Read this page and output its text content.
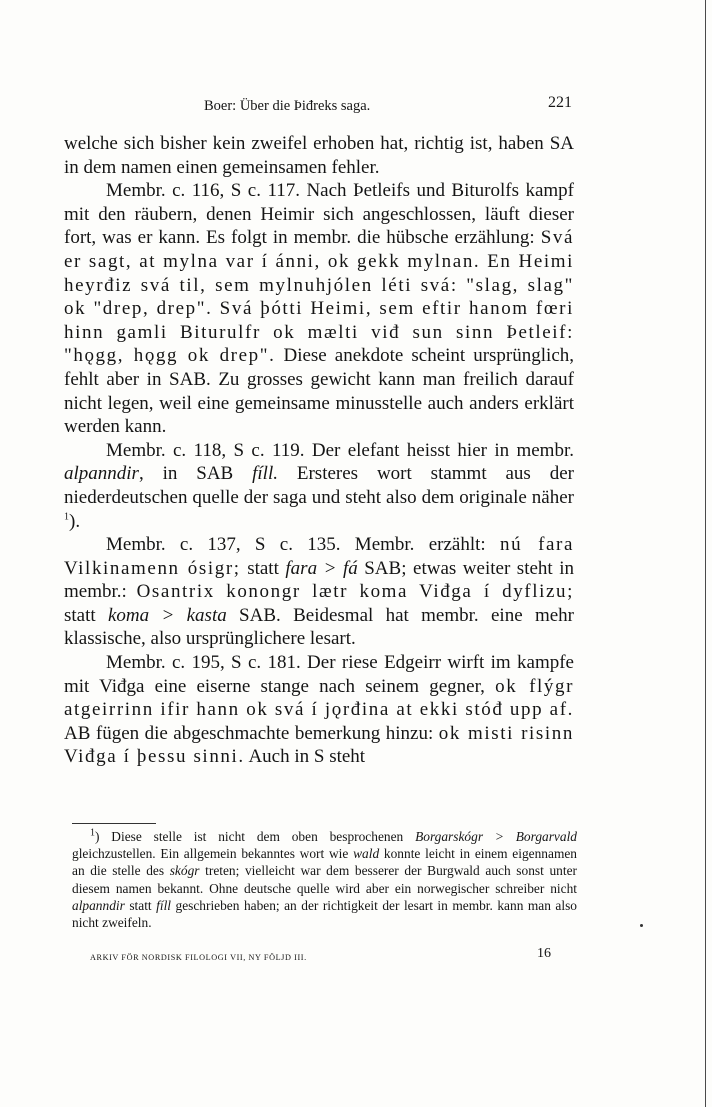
Boer: Über die Þiđreks saga.	221

welche sich bisher kein zweifel erhoben hat, richtig ist, haben SA in dem namen einen gemeinsamen fehler.

Membr. c. 116, S c. 117. Nach Þetleifs und Biturolfs kampf mit den räubern, denen Heimir sich angeschlossen, läuft dieser fort, was er kann. Es folgt in membr. die hübsche erzählung: Svá er sagt, at mylna var í ánni, ok gekk mylnan. En Heimi heyrđiz svá til, sem mylnuhjólen léti svá: "slag, slag" ok "drep, drep". Svá þótti Heimi, sem eftir hanom fœri hinn gamli Biturulfr ok mælti viđ sun sinn Þetleif: "hǫgg, hǫgg ok drep". Diese anekdote scheint ursprünglich, fehlt aber in SAB. Zu grosses gewicht kann man freilich darauf nicht legen, weil eine gemeinsame minusstelle auch anders erklärt werden kann.

Membr. c. 118, S c. 119. Der elefant heisst hier in membr. alpanndir, in SAB fíll. Ersteres wort stammt aus der niederdeutschen quelle der saga und steht also dem originale näher $^1$).

Membr. c. 137, S c. 135. Membr. erzählt: nú fara Vilkinamenn ósigr; statt fara > fá SAB; etwas weiter steht in membr.: Osantrix konongr lætr koma Viđga í dyflizu; statt koma > kasta SAB. Beidesmal hat membr. eine mehr klassische, also ursprünglichere lesart.

Membr. c. 195, S c. 181. Der riese Edgeirr wirft im kampfe mit Viđga eine eiserne stange nach seinem gegner, ok flýgr atgeirrinn ifir hann ok svá í jǫrđina at ekki stóđ upp af. AB fügen die abgeschmachte bemerkung hinzu: ok misti risinn Viđga í þessu sinni. Auch in S steht

$^1$) Diese stelle ist nicht dem oben besprochenen Borgarskógr > Borgarvald gleichzustellen. Ein allgemein bekanntes wort wie wald konnte leicht in einem eigennamen an die stelle des skógr treten; vielleicht war dem besserer der Burgwald auch sonst unter diesem namen bekannt. Ohne deutsche quelle wird aber ein norwegischer schreiber nicht alpanndir statt fíll geschrieben haben; an der richtigkeit der lesart in membr. kann man also nicht zweifeln.
ARKIV FÖR NORDISK FILOLOGI VII, NY FÖLJD III.	16
